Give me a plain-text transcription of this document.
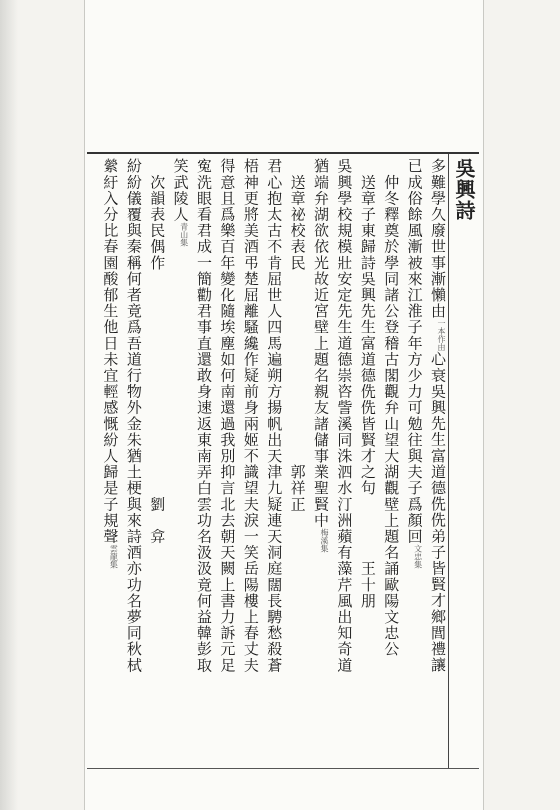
吳興詩
多難學久廢世事漸懶由$^{一本作由}$心衰吳興先生富道德侁侁弟子皆賢才鄉閭禮讓
已成俗餘風漸被來江淮子年方少力可勉往與夫子爲顏回$^{文忠集}$
　仲冬釋奠於學同諸公登稽古閣觀弁山望大湖觀壁上題名誦歐陽文忠公
　送章子東歸詩吳興先生富道德侁侁皆賢才之句　　　　王十朋
吳興學校規模壯安定先生道德崇咨訾溪同洙泗水汀洲蘋有藻芹風出知奇道
猶端弁湖欲依光故近宮壁上題名親友諸儲事業聖賢中$^{梅溪集}$
　送章祕校表民　　　　　　　　　　　　郭祥正
君心抱太古不肯屈世人四馬遍朔方揚帆出天津九疑連天洞庭闊長騁愁殺蒼
梧神更將美酒弔楚屈離騷纔作疑前身兩姬不識望夫淚一笑岳陽樓上春丈夫
得意且爲樂百年變化隨埃塵如何南還過我別抑言北去朝天闕上書力訴元足
寃洗眼看君成一簡勸君事直還敢身速返東南弄白雲功名汲汲竟何益韓彭取
笑武陵人$^{青山集}$
　次韻表民偶作　　　　　　　　　　　　　　劉　弇
紛紛儀覆與秦稱何者竟爲吾道行物外金朱猶土梗與來詩酒亦功名夢同秋栻
縈紆入分比春園酸郁生他日未宜輕感慨紛人歸是子規聲$^{雲龍集}$
